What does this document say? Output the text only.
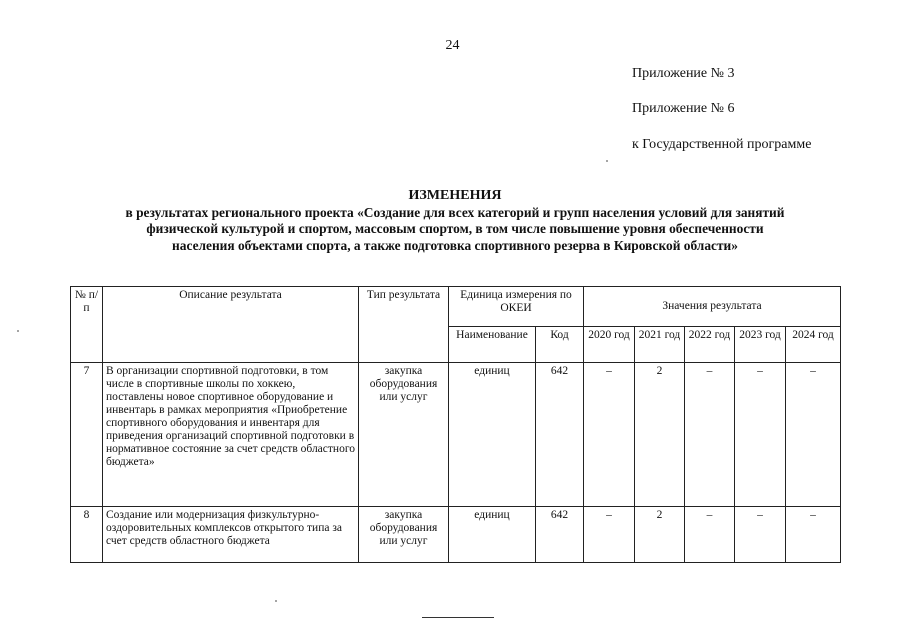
24
Приложение № 3
Приложение № 6
к Государственной программе
ИЗМЕНЕНИЯ
в результатах регионального проекта «Создание для всех категорий и групп населения условий для занятий
физической культурой и спортом, массовым спортом, в том числе повышение уровня обеспеченности
населения объектами спорта, а также подготовка спортивного резерва в Кировской области»
№ п/п	Описание результата	Тип результата	Единица измерения по ОКЕИ		Значения результата				
			Наименование	Код	2020 год	2021 год	2022 год	2023 год	2024 год
7	В организации спортивной подготовки, в том числе в спортивные школы по хоккею, поставлены новое спортивное оборудование и инвентарь в рамках мероприятия «Приобретение спортивного оборудования и инвентаря для приведения организаций спортивной подготовки в нормативное состояние за счет средств областного бюджета»	закупка оборудования или услуг	единиц	642	–	2	–	–	–
8	Создание или модернизация физкультурно-оздоровительных комплексов открытого типа за счет средств областного бюджета	закупка оборудования или услуг	единиц	642	–	2	–	–	–
